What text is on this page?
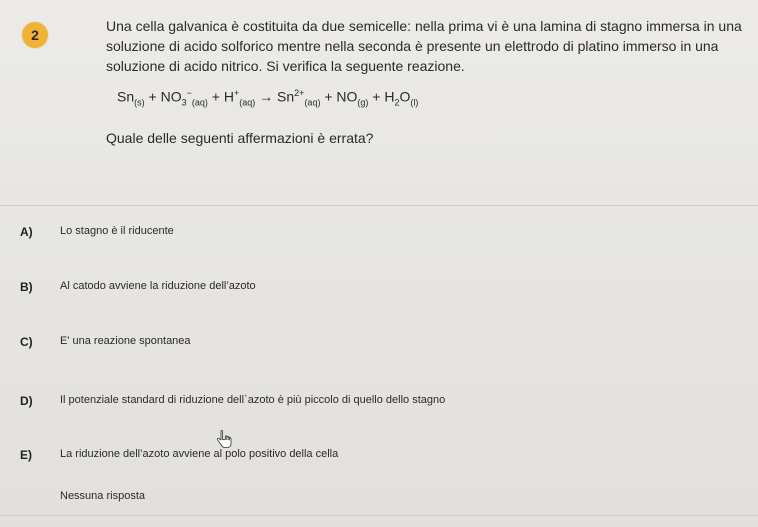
2
Una cella galvanica è costituita da due semicelle: nella prima vi è una lamina di stagno immersa in una soluzione di acido solforico mentre nella seconda è presente un elettrodo di platino immerso in una soluzione di acido nitrico. Si verifica la seguente reazione.
$Sn_{(s)} + NO_3^-_{(aq)} + H^+_{(aq)} \to Sn^{2+}_{(aq)} + NO_{(g)} + H_2O_{(l)}$
Quale delle seguenti affermazioni è errata?
A) Lo stagno è il riducente
B) Al catodo avviene la riduzione dell’azoto
C) E' una reazione spontanea
D) Il potenziale standard di riduzione dell`azoto è più piccolo di quello dello stagno
E)	La riduzione dell’azoto avviene al polo positivo della cella
Nessuna risposta
